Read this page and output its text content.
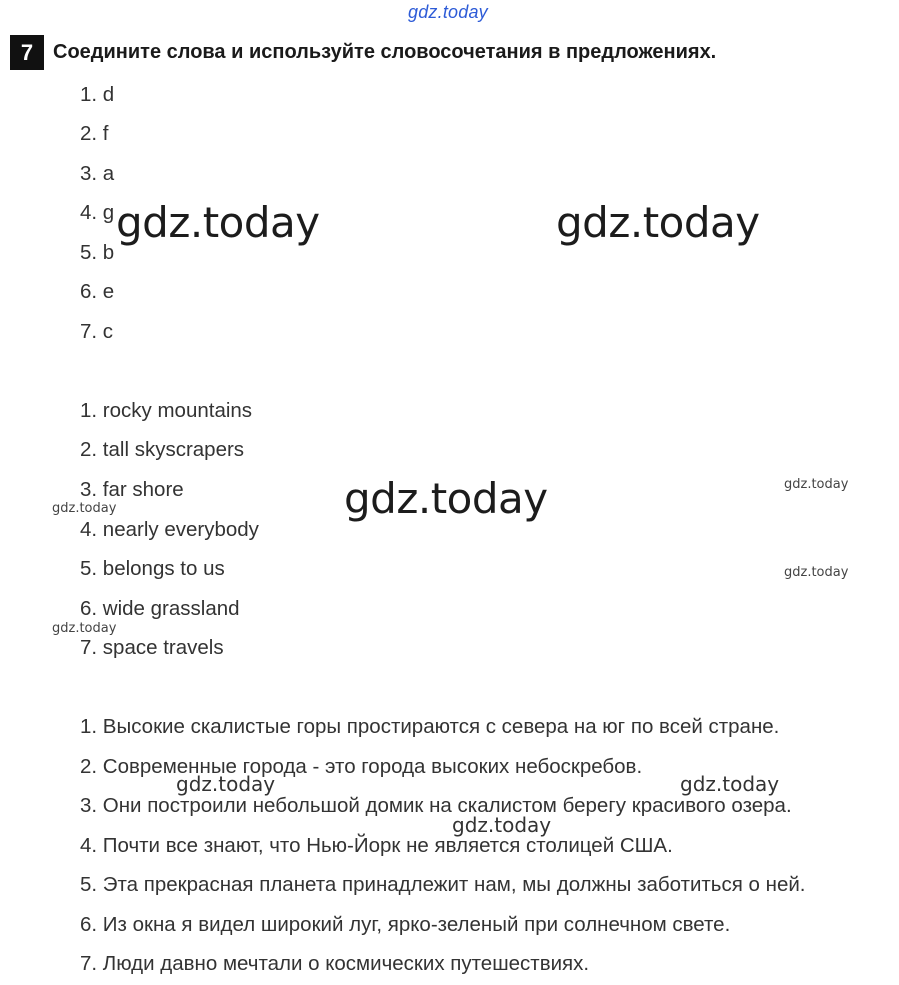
gdz.today
7 Соедините слова и используйте словосочетания в предложениях.
1. d
2. f
3. a
4. g
5. b
6. e
7. c
1. rocky mountains
2. tall skyscrapers
3. far shore
4. nearly everybody
5. belongs to us
6. wide grassland
7. space travels
1. Высокие скалистые горы простираются с севера на юг по всей стране.
2. Современные города - это города высоких небоскребов.
3. Они построили небольшой домик на скалистом берегу красивого озера.
4. Почти все знают, что Нью-Йорк не является столицей США.
5. Эта прекрасная планета принадлежит нам, мы должны заботиться о ней.
6. Из окна я видел широкий луг, ярко-зеленый при солнечном свете.
7. Люди давно мечтали о космических путешествиях.
gdz.today	gdz.today
gdz.today	gdz.today
gdz.today
gdz.today
gdz.today
gdz.today	gdz.today
gdz.today
